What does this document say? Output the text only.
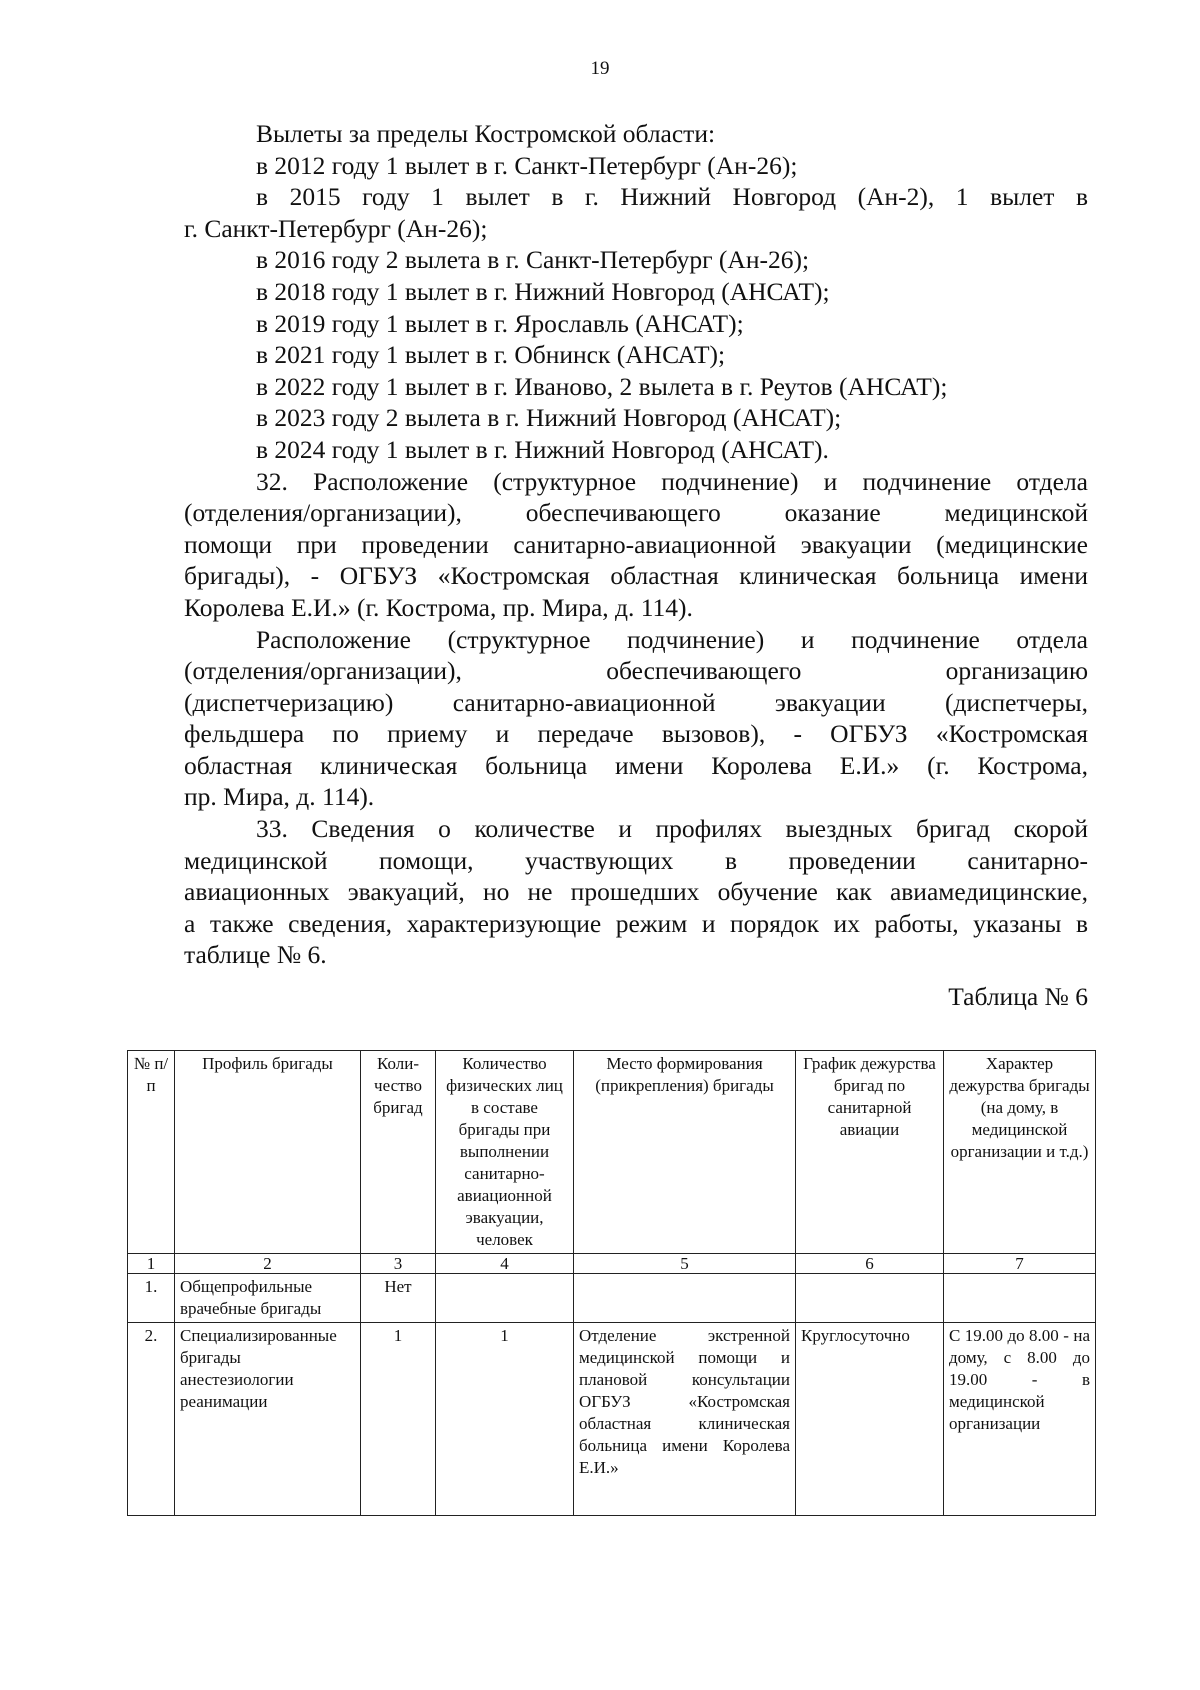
19
Вылеты за пределы Костромской области:
в 2012 году 1 вылет в г. Санкт-Петербург (Ан-26);
в 2015 году 1 вылет в г. Нижний Новгород (Ан-2), 1 вылет в
г. Санкт-Петербург (Ан-26);
в 2016 году 2 вылета в г. Санкт-Петербург (Ан-26);
в 2018 году 1 вылет в г. Нижний Новгород (АНСАТ);
в 2019 году 1 вылет в г. Ярославль (АНСАТ);
в 2021 году 1 вылет в г. Обнинск (АНСАТ);
в 2022 году 1 вылет в г. Иваново, 2 вылета в г. Реутов (АНСАТ);
в 2023 году 2 вылета в г. Нижний Новгород (АНСАТ);
в 2024 году 1 вылет в г. Нижний Новгород (АНСАТ).
32. Расположение (структурное подчинение) и подчинение отдела
(отделения/организации), обеспечивающего оказание медицинской
помощи при проведении санитарно-авиационной эвакуации (медицинские
бригады), - ОГБУЗ «Костромская областная клиническая больница имени
Королева Е.И.» (г. Кострома, пр. Мира, д. 114).
Расположение (структурное подчинение) и подчинение отдела
(отделения/организации), обеспечивающего организацию
(диспетчеризацию) санитарно-авиационной эвакуации (диспетчеры,
фельдшера по приему и передаче вызовов), - ОГБУЗ «Костромская
областная клиническая больница имени Королева Е.И.» (г. Кострома,
пр. Мира, д. 114).
33. Сведения о количестве и профилях выездных бригад скорой
медицинской помощи, участвующих в проведении санитарно-
авиационных эвакуаций, но не прошедших обучение как авиамедицинские,
а также сведения, характеризующие режим и порядок их работы, указаны в
таблице № 6.
Таблица № 6
№ п/п	Профиль бригады	Коли-чество бригад	Количество физических лиц в составе бригады при выполнении санитарно-авиационной эвакуации, человек	Место формирования (прикрепления) бригады	График дежурства бригад по санитарной авиации	Характер дежурства бригады (на дому, в медицинской организации и т.д.)
1	2	3	4	5	6	7
1.	Общепрофильные врачебные бригады	Нет				
2.	Специализированные бригады анестезиологии реанимации	1	1	Отделение экстренной медицинской помощи и плановой консультации ОГБУЗ «Костромская областная клиническая больница имени Королева Е.И.»	Круглосуточно	С 19.00 до 8.00 - на дому, с 8.00 до 19.00 - в медицинской организации
